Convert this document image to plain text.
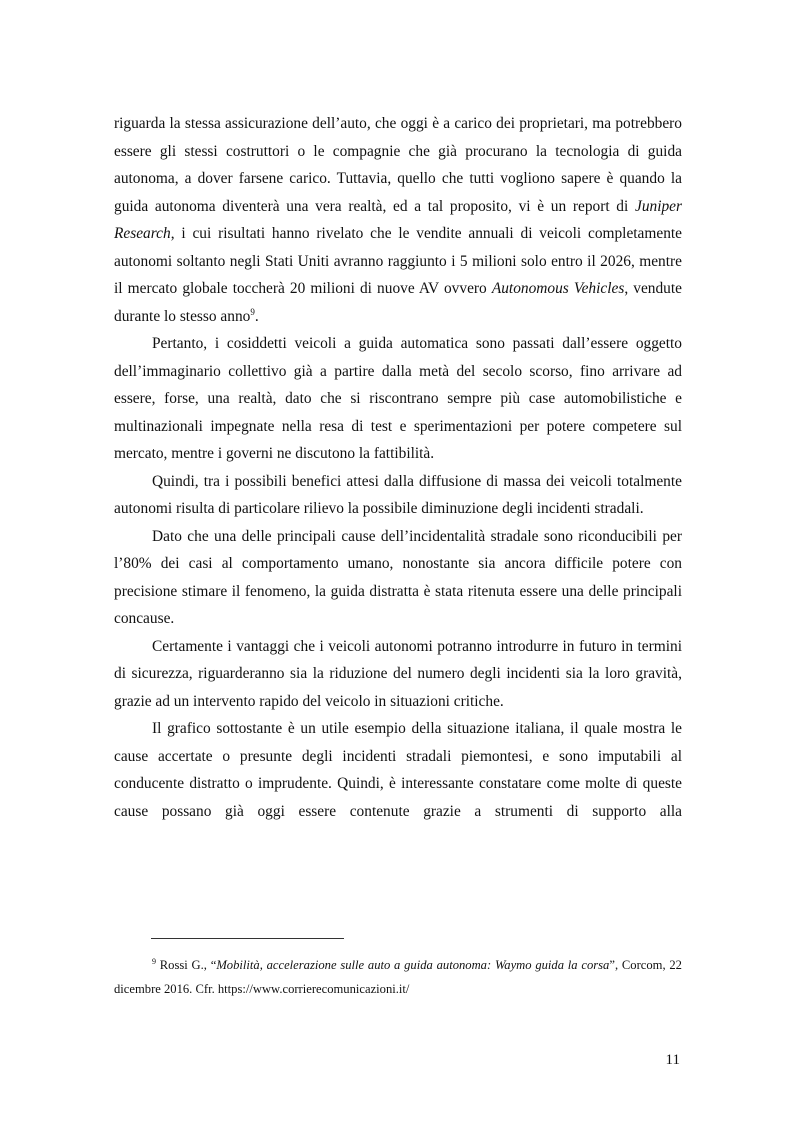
riguarda la stessa assicurazione dell’auto, che oggi è a carico dei proprietari, ma potrebbero essere gli stessi costruttori o le compagnie che già procurano la tecnologia di guida autonoma, a dover farsene carico. Tuttavia, quello che tutti vogliono sapere è quando la guida autonoma diventerà una vera realtà, ed a tal proposito, vi è un report di Juniper Research, i cui risultati hanno rivelato che le vendite annuali di veicoli completamente autonomi soltanto negli Stati Uniti avranno raggiunto i 5 milioni solo entro il 2026, mentre il mercato globale toccherà 20 milioni di nuove AV ovvero Autonomous Vehicles, vendute durante lo stesso anno$^9$.

Pertanto, i cosiddetti veicoli a guida automatica sono passati dall’essere oggetto dell’immaginario collettivo già a partire dalla metà del secolo scorso, fino arrivare ad essere, forse, una realtà, dato che si riscontrano sempre più case automobilistiche e multinazionali impegnate nella resa di test e sperimentazioni per potere competere sul mercato, mentre i governi ne discutono la fattibilità.

Quindi, tra i possibili benefici attesi dalla diffusione di massa dei veicoli totalmente autonomi risulta di particolare rilievo la possibile diminuzione degli incidenti stradali.

Dato che una delle principali cause dell’incidentalità stradale sono riconducibili per l’80% dei casi al comportamento umano, nonostante sia ancora difficile potere con precisione stimare il fenomeno, la guida distratta è stata ritenuta essere una delle principali concause.

Certamente i vantaggi che i veicoli autonomi potranno introdurre in futuro in termini di sicurezza, riguarderanno sia la riduzione del numero degli incidenti sia la loro gravità, grazie ad un intervento rapido del veicolo in situazioni critiche.

Il grafico sottostante è un utile esempio della situazione italiana, il quale mostra le cause accertate o presunte degli incidenti stradali piemontesi, e sono imputabili al conducente distratto o imprudente. Quindi, è interessante constatare come molte di queste cause possano già oggi essere contenute grazie a strumenti di supporto alla

$^9$ Rossi G., “Mobilità, accelerazione sulle auto a guida autonoma: Waymo guida la corsa”, Corcom, 22 dicembre 2016. Cfr. https://www.corrierecomunicazioni.it/

11
